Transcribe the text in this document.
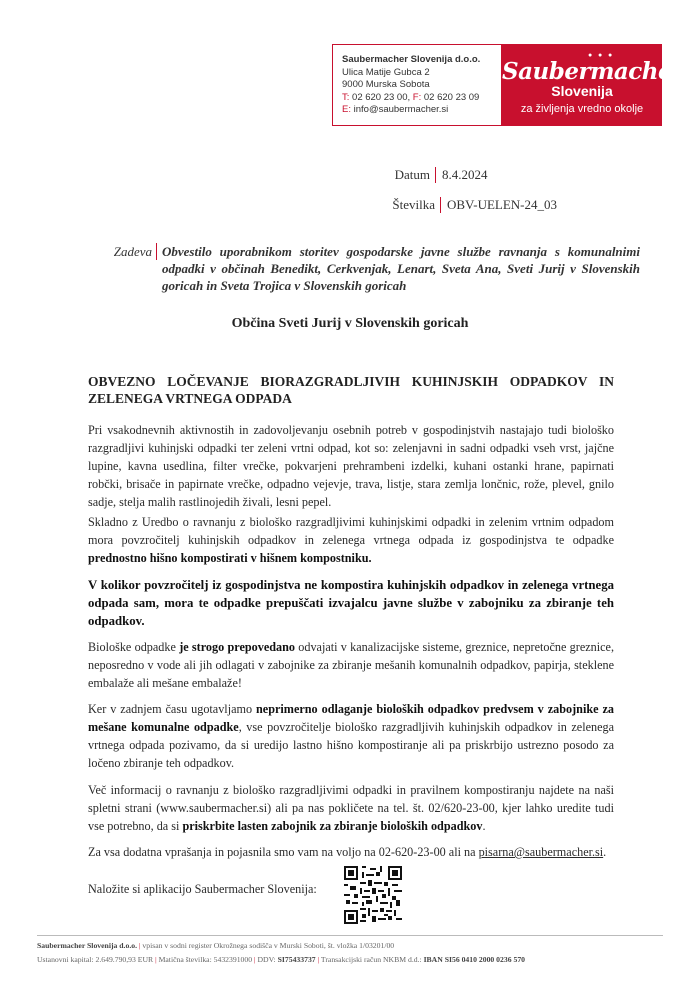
Saubermacher Slovenija d.o.o.
Ulica Matije Gubca 2
9000 Murska Sobota
T: 02 620 23 00, F: 02 620 23 09
E: info@saubermacher.si
● ● ●
Saubermacher
Slovenija
za življenja vredno okolje
Datum 8.4.2024
Številka OBV-UELEN-24_03
Zadeva Obvestilo uporabnikom storitev gospodarske javne službe ravnanja s komunalnimi odpadki v občinah Benedikt, Cerkvenjak, Lenart, Sveta Ana, Sveti Jurij v Slovenskih goricah in Sveta Trojica v Slovenskih goricah
Občina Sveti Jurij v Slovenskih goricah
OBVEZNO LOČEVANJE BIORAZGRADLJIVIH KUHINJSKIH ODPADKOV IN
ZELENEGA VRTNEGA ODPADA

Pri vsakodnevnih aktivnostih in zadovoljevanju osebnih potreb v gospodinjstvih nastajajo tudi biološko razgradljivi kuhinjski odpadki ter zeleni vrtni odpad, kot so: zelenjavni in sadni odpadki vseh vrst, jajčne lupine, kavna usedlina, filter vrečke, pokvarjeni prehrambeni izdelki, kuhani ostanki hrane, papirnati robčki, brisače in papirnate vrečke, odpadno vejevje, trava, listje, stara zemlja lončnic, rože, plevel, gnilo sadje, stelja malih rastlinojedih živali, lesni pepel.

Skladno z Uredbo o ravnanju z biološko razgradljivimi kuhinjskimi odpadki in zelenim vrtnim odpadom mora povzročitelj kuhinjskih odpadkov in zelenega vrtnega odpada iz gospodinjstva te odpadke prednostno hišno kompostirati v hišnem kompostniku.

V kolikor povzročitelj iz gospodinjstva ne kompostira kuhinjskih odpadkov in zelenega vrtnega odpada sam, mora te odpadke prepuščati izvajalcu javne službe v zabojniku za zbiranje teh odpadkov.

Biološke odpadke je strogo prepovedano odvajati v kanalizacijske sisteme, greznice, nepretočne greznice, neposredno v vode ali jih odlagati v zabojnike za zbiranje mešanih komunalnih odpadkov, papirja, steklene embalaže ali mešane embalaže!

Ker v zadnjem času ugotavljamo neprimerno odlaganje bioloških odpadkov predvsem v zabojnike za mešane komunalne odpadke, vse povzročitelje biološko razgradljivih kuhinjskih odpadkov in zelenega vrtnega odpada pozivamo, da si uredijo lastno hišno kompostiranje ali pa priskrbijo ustrezno posodo za ločeno zbiranje teh odpadkov.

Več informacij o ravnanju z biološko razgradljivimi odpadki in pravilnem kompostiranju najdete na naši spletni strani (www.saubermacher.si) ali pa nas pokličete na tel. št. 02/620-23-00, kjer lahko uredite tudi vse potrebno, da si priskrbite lasten zabojnik za zbiranje bioloških odpadkov.

Za vsa dodatna vprašanja in pojasnila smo vam na voljo na 02-620-23-00 ali na pisarna@saubermacher.si.

Naložite si aplikacijo Saubermacher Slovenija:

Saubermacher Slovenija d.o.o. | vpisan v sodni register Okrožnega sodišča v Murski Soboti, št. vložka 1/03201/00
Ustanovni kapital: 2.649.790,93 EUR | Matična številka: 5432391000 | DDV: SI75433737 | Transakcijski račun NKBM d.d.: IBAN SI56 0410 2000 0236 570
